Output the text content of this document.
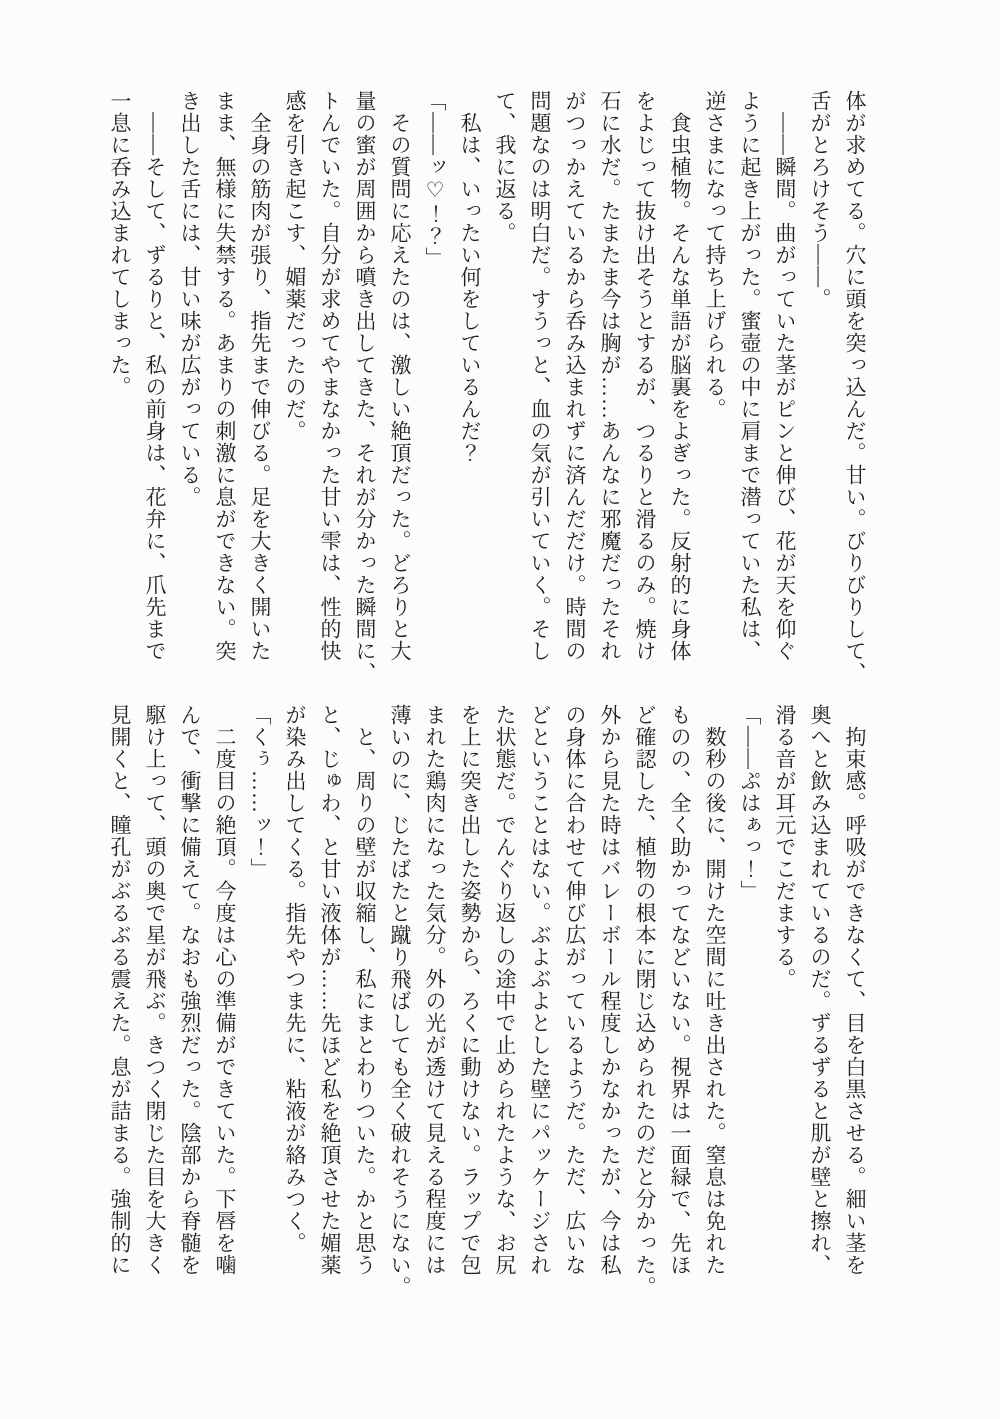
体が求めてる。穴に頭を突っ込んだ。甘い。びりびりして、
舌がとろけそう――。
　――瞬間。曲がっていた茎がピンと伸び、花が天を仰ぐ
ように起き上がった。蜜壺の中に肩まで潜っていた私は、
逆さまになって持ち上げられる。
　食虫植物。そんな単語が脳裏をよぎった。反射的に身体
をよじって抜け出そうとするが、つるりと滑るのみ。焼け
石に水だ。たまたま今は胸が……あんなに邪魔だったそれ
がつっかえているから呑み込まれずに済んだだけ。時間の
問題なのは明白だ。すうっと、血の気が引いていく。そし
て、我に返る。
　私は、いったい何をしているんだ？
「――ッ♡！？」
　その質問に応えたのは、激しい絶頂だった。どろりと大
量の蜜が周囲から噴き出してきた、それが分かった瞬間に、
トんでいた。自分が求めてやまなかった甘い雫は、性的快
感を引き起こす、媚薬だったのだ。
　全身の筋肉が張り、指先まで伸びる。足を大きく開いた
まま、無様に失禁する。あまりの刺激に息ができない。突
き出した舌には、甘い味が広がっている。
　――そして、ずるりと、私の前身は、花弁に、爪先まで
一息に呑み込まれてしまった。
　拘束感。呼吸ができなくて、目を白黒させる。細い茎を
奥へと飲み込まれているのだ。ずるずると肌が壁と擦れ、
滑る音が耳元でこだまする。
「――ぷはぁっ！」
　数秒の後に、開けた空間に吐き出された。窒息は免れた
ものの、全く助かってなどいない。視界は一面緑で、先ほ
ど確認した、植物の根本に閉じ込められたのだと分かった。
外から見た時はバレーボール程度しかなかったが、今は私
の身体に合わせて伸び広がっているようだ。ただ、広いな
どということはない。ぶよぶよとした壁にパッケージされ
た状態だ。でんぐり返しの途中で止められたような、お尻
を上に突き出した姿勢から、ろくに動けない。ラップで包
まれた鶏肉になった気分。外の光が透けて見える程度には
薄いのに、じたばたと蹴り飛ばしても全く破れそうにない。
　と、周りの壁が収縮し、私にまとわりついた。かと思う
と、じゅわ、と甘い液体が……先ほど私を絶頂させた媚薬
が染み出してくる。指先やつま先に、粘液が絡みつく。
「くぅ……ッ！」
　二度目の絶頂。今度は心の準備ができていた。下唇を噛
んで、衝撃に備えて。なおも強烈だった。陰部から脊髄を
駆け上って、頭の奥で星が飛ぶ。きつく閉じた目を大きく
見開くと、瞳孔がぶるぶる震えた。息が詰まる。強制的に
